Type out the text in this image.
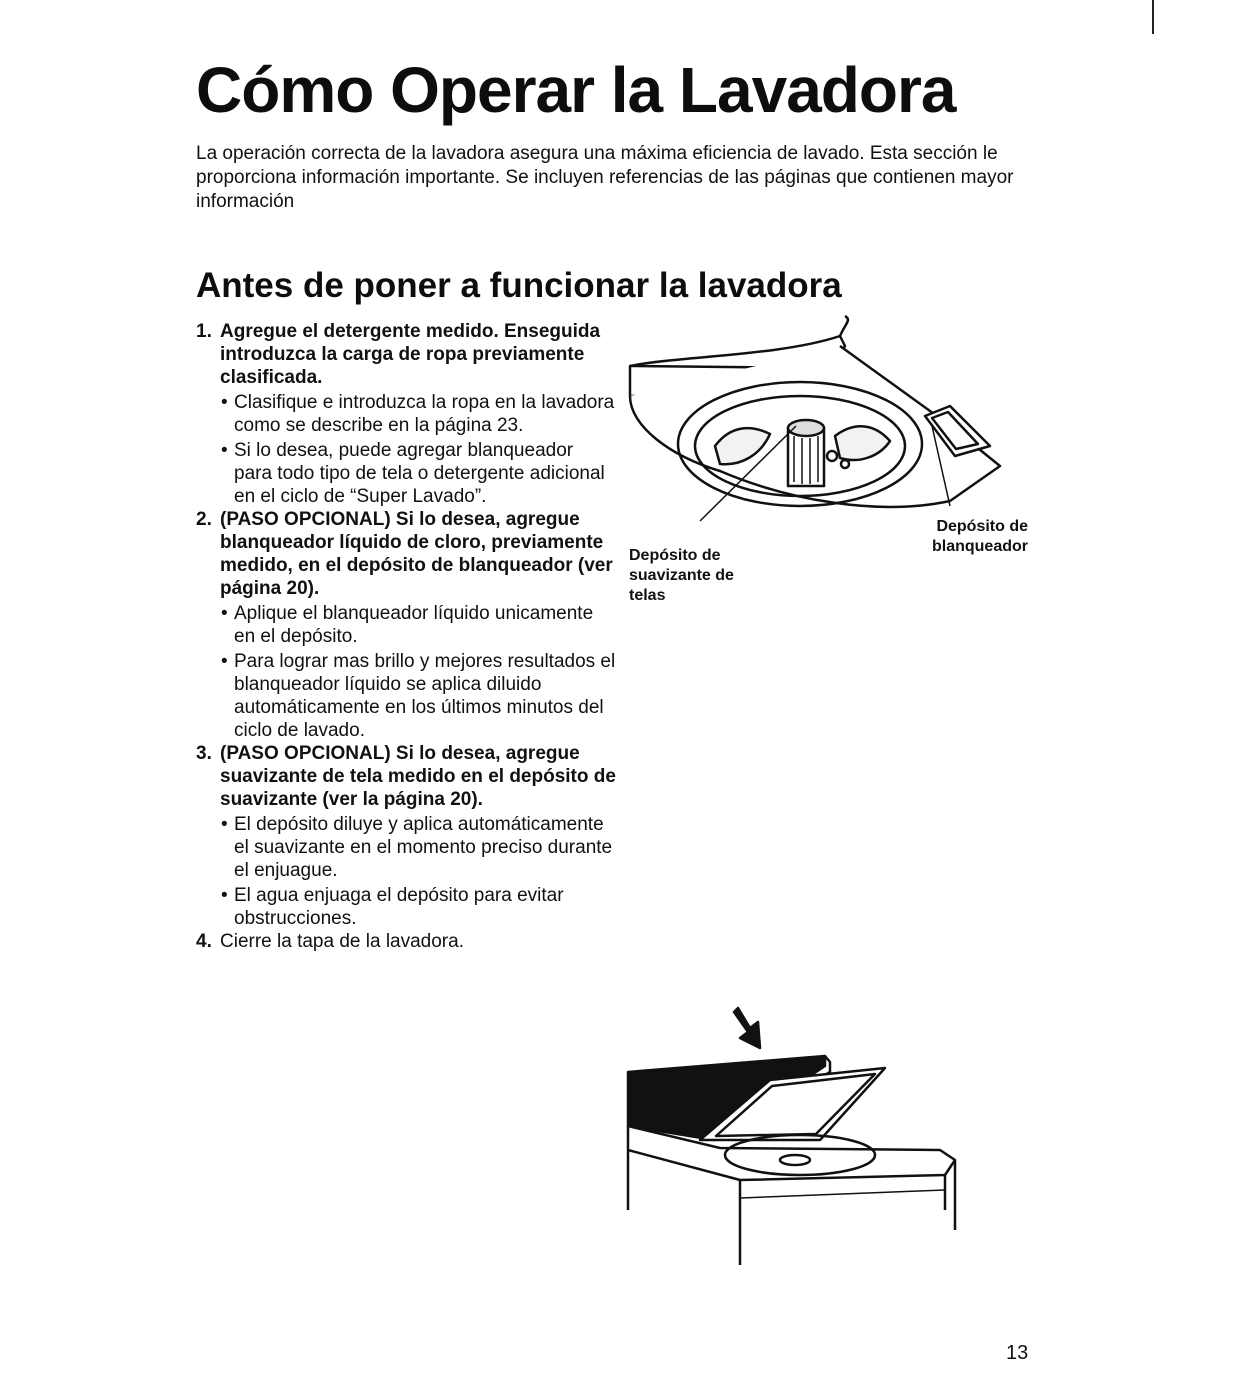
Cómo Operar la Lavadora

La operación correcta de la lavadora asegura una máxima eficiencia de lavado. Esta sección le proporciona información importante. Se incluyen referencias de las páginas que contienen mayor información

Antes de poner a funcionar la lavadora
1. Agregue el detergente medido. Enseguida introduzca la carga de ropa previamente clasificada.

• Clasifique e introduzca la ropa en la lavadora como se describe en la página 23.
• Si lo desea, puede agregar blanqueador para todo tipo de tela o detergente adicional en el ciclo de “Super Lavado”.
2. (PASO OPCIONAL) Si lo desea, agregue blanqueador líquido de cloro, previamente medido, en el depósito de blanqueador (ver página 20).

• Aplique el blanqueador líquido unicamente en el depósito.
• Para lograr mas brillo y mejores resultados el blanqueador líquido se aplica diluido automáticamente en los últimos minutos del ciclo de lavado.
3. (PASO OPCIONAL) Si lo desea, agregue suavizante de tela medido en el depósito de suavizante (ver la página 20).

• El depósito diluye y aplica automáticamente el suavizante en el momento preciso durante el enjuague.
• El agua enjuaga el depósito para evitar obstrucciones.
4. Cierre la tapa de la lavadora.

Depósito de suavizante de telas

Depósito de blanqueador

13
